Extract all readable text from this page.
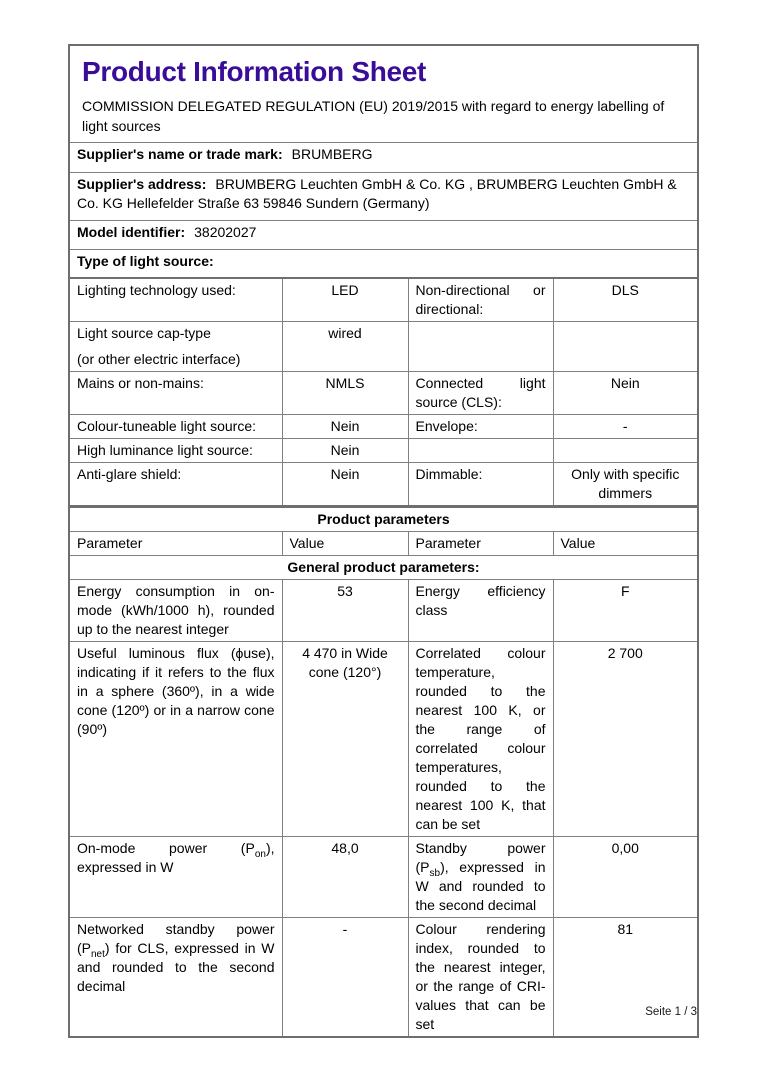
Product Information Sheet
COMMISSION DELEGATED REGULATION (EU) 2019/2015 with regard to energy labelling of light sources

Supplier's name or trade mark: BRUMBERG			
Supplier's address: BRUMBERG Leuchten GmbH & Co. KG , BRUMBERG Leuchten GmbH & Co. KG Hellefelder Straße 63 59846 Sundern (Germany)			
Model identifier: 38202027			
Type of light source:			
Lighting technology used:	LED	Non-directional or directional:	DLS

Light source cap-type
(or other electric interface)	wired		
Mains or non-mains:	NMLS	Connected light source (CLS):	Nein
Colour-tuneable light source:	Nein	Envelope:	-
High luminance light source:	Nein		
Anti-glare shield:	Nein	Dimmable:	Only with specific dimmers
Product parameters			
Parameter	Value	Parameter	Value
General product parameters:			
Energy consumption in on-mode (kWh/1000 h), rounded up to the nearest integer	53	Energy efficiency class	F
Useful luminous flux (ϕuse), indicating if it refers to the flux in a sphere (360º), in a wide cone (120º) or in a narrow cone (90º)	4 470 in Wide cone (120°)	Correlated colour temperature, rounded to the nearest 100 K, or the range of correlated colour temperatures, rounded to the nearest 100 K, that can be set	2 700
On-mode power $(P_{on})$, expressed in W	48,0	Standby power $(P_{sb})$, expressed in W and rounded to the second decimal	0,00
Networked standby power $(P_{net})$ for CLS, expressed in W and rounded to the second decimal	-	Colour rendering index, rounded to the nearest integer, or the range of CRI-values that can be set	81
Seite 1 / 3
